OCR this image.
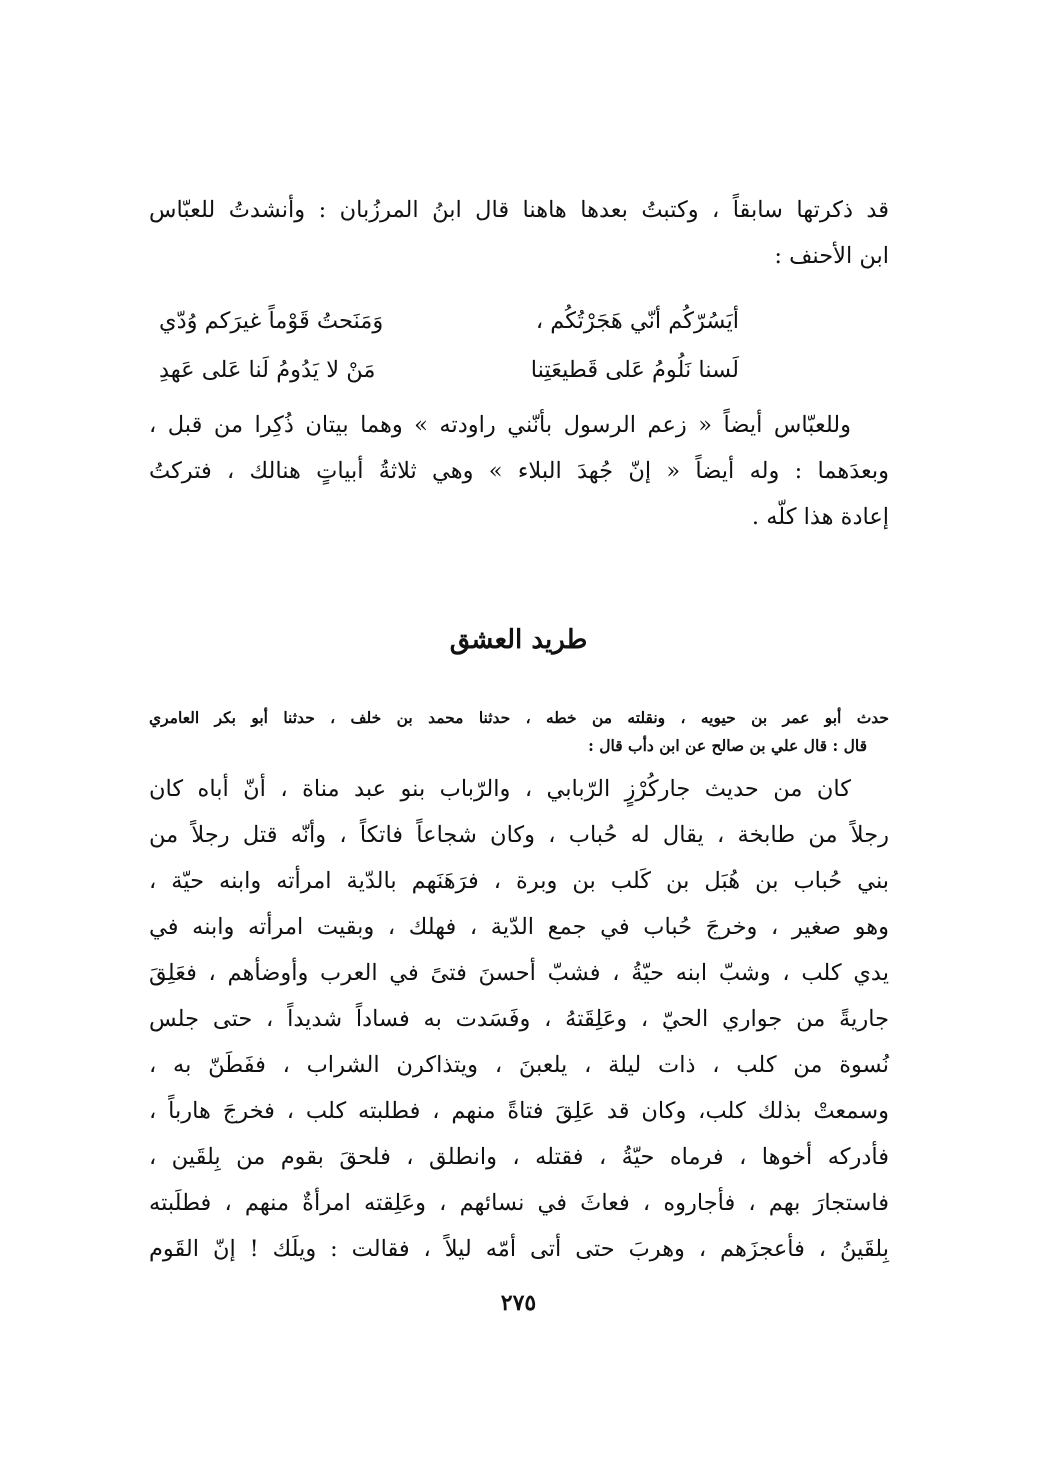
قد ذكرتها سابقاً ، وكتبتُ بعدها هاهنا قال ابنُ المرزُبان : وأنشدتُ للعبّاس
ابن الأحنف :
أيَسُرّكُم أنّي هَجَرْتُكُم ،
وَمَنَحتُ قَوْماً غيرَكم وُدّي
لَسنا نَلُومُ عَلى قَطيعَتِنا
مَنْ لا يَدُومُ لَنا عَلى عَهدِ
وللعبّاس أيضاً « زعم الرسول بأنّني راودته » وهما بيتان ذُكِرا من قبل ،
وبعدَهما : وله أيضاً « إنّ جُهدَ البلاء » وهي ثلاثةُ أبياتٍ هنالك ، فتركتُ
إعادة هذا كلّه .
طريد العشق
حدث أبو عمر بن حيويه ، ونقلته من خطه ، حدثنا محمد بن خلف ، حدثنا أبو بكر العامري
قال : قال علي بن صالح عن ابن دأب قال :
كان من حديث جاركُرْزٍ الرّبابي ، والرّباب بنو عبد مناة ، أنّ أباه كان
رجلاً من طابخة ، يقال له حُباب ، وكان شجاعاً فاتكاً ، وأنّه قتل رجلاً من
بني حُباب بن هُبَل بن كَلب بن وبرة ، فرَهَنَهم بالدّية امرأته وابنه حيّة ،
وهو صغير ، وخرجَ حُباب في جمع الدّية ، فهلك ، وبقيت امرأته وابنه في
يدي كلب ، وشبّ ابنه حيّةُ ، فشبّ أحسنَ فتىً في العرب وأوضأهم ، فعَلِقَ
جاريةً من جواري الحيّ ، وعَلِقَتهُ ، وفَسَدت به فساداً شديداً ، حتى جلس
نُسوة من كلب ، ذات ليلة ، يلعبنَ ، ويتذاكرن الشراب ، ففَطَنّ به ،
وسمعتْ بذلك كلب، وكان قد عَلِقَ فتاةً منهم ، فطلبته كلب ، فخرجَ هارباً ،
فأدركه أخوها ، فرماه حيّةُ ، فقتله ، وانطلق ، فلحقَ بقوم من بِلقَين ،
فاستجارَ بهم ، فأجاروه ، فعاثَ في نسائهم ، وعَلِقته امرأةٌ منهم ، فطلَبته
بِلقَينُ ، فأعجزَهم ، وهربَ حتى أتى أمّه ليلاً ، فقالت : ويلَك ! إنّ القَوم
٢٧٥
